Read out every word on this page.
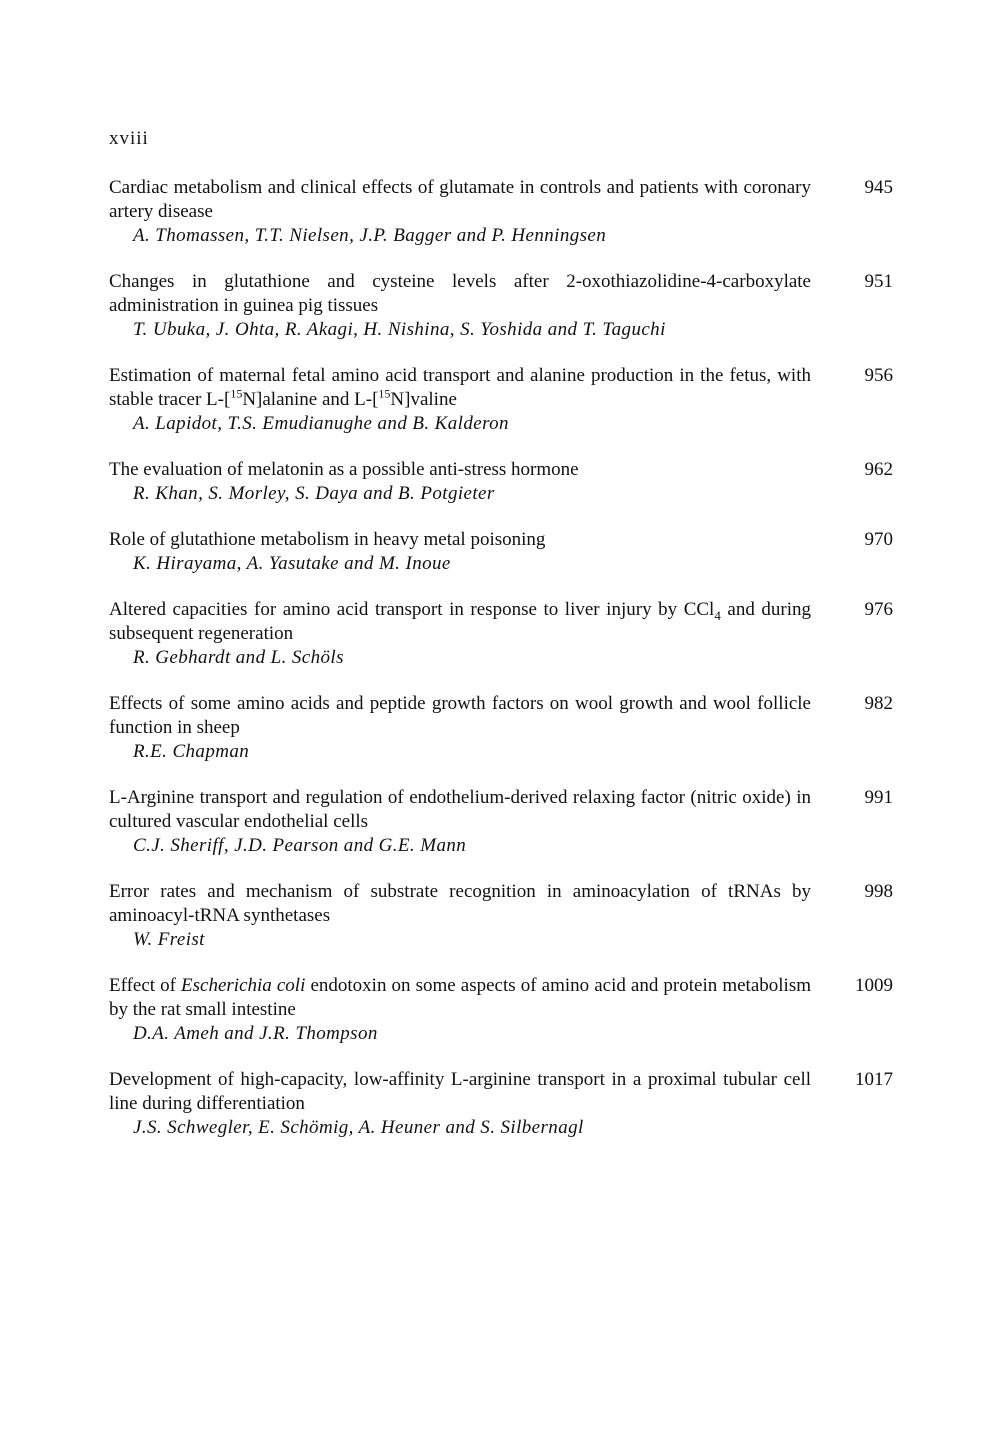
xviii
Cardiac metabolism and clinical effects of glutamate in controls and patients with coronary artery disease
945
A. Thomassen, T.T. Nielsen, J.P. Bagger and P. Henningsen
Changes in glutathione and cysteine levels after 2-oxothiazolidine-4-carboxylate administration in guinea pig tissues
951
T. Ubuka, J. Ohta, R. Akagi, H. Nishina, S. Yoshida and T. Taguchi
Estimation of maternal fetal amino acid transport and alanine production in the fetus, with stable tracer L-[$^{15}$N]alanine and L-[$^{15}$N]valine
956
A. Lapidot, T.S. Emudianughe and B. Kalderon
The evaluation of melatonin as a possible anti-stress hormone	962
R. Khan, S. Morley, S. Daya and B. Potgieter
Role of glutathione metabolism in heavy metal poisoning	970
K. Hirayama, A. Yasutake and M. Inoue
Altered capacities for amino acid transport in response to liver injury by CCl$_4$ and during subsequent regeneration
976
R. Gebhardt and L. Schöls
Effects of some amino acids and peptide growth factors on wool growth and wool follicle function in sheep
982
R.E. Chapman
L-Arginine transport and regulation of endothelium-derived relaxing factor (nitric oxide) in cultured vascular endothelial cells
991
C.J. Sheriff, J.D. Pearson and G.E. Mann
Error rates and mechanism of substrate recognition in aminoacylation of tRNAs by aminoacyl-tRNA synthetases
998
W. Freist
Effect of Escherichia coli endotoxin on some aspects of amino acid and protein metabolism by the rat small intestine
1009
D.A. Ameh and J.R. Thompson
Development of high-capacity, low-affinity L-arginine transport in a proximal tubular cell line during differentiation
1017
J.S. Schwegler, E. Schömig, A. Heuner and S. Silbernagl
